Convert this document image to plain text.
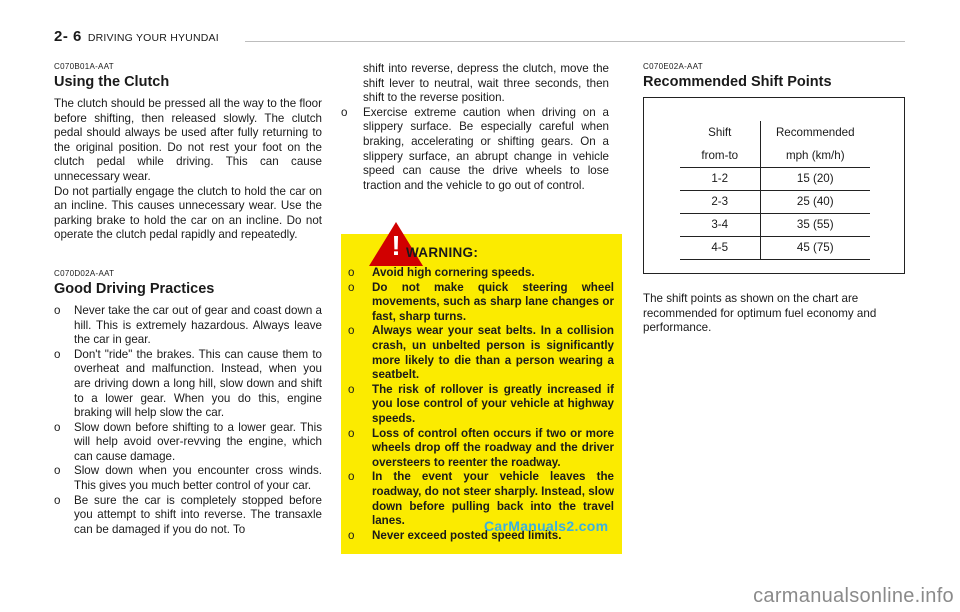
2- 6 DRIVING YOUR HYUNDAI
C070B01A-AAT
Using the Clutch

The clutch should be pressed all the way to the floor before shifting, then released slowly. The clutch pedal should always be used after fully returning to the original position. Do not rest your foot on the clutch pedal while driving. This can cause unnecessary wear.

Do not partially engage the clutch to hold the car on an incline. This causes unnecessary wear. Use the parking brake to hold the car on an incline. Do not operate the clutch pedal rapidly and repeatedly.

C070D02A-AAT
Good Driving Practices
o Never take the car out of gear and coast down a hill. This is extremely hazardous. Always leave the car in gear.
o Don't "ride" the brakes. This can cause them to overheat and malfunction. Instead, when you are driving down a long hill, slow down and shift to a lower gear. When you do this, engine braking will help slow the car.
o Slow down before shifting to a lower gear. This will help avoid over-revving the engine, which can cause damage.
o Slow down when you encounter cross winds. This gives you much better control of your car.
o Be sure the car is completely stopped before you attempt to shift into reverse. The transaxle can be damaged if you do not. To

shift into reverse, depress the clutch, move the shift lever to neutral, wait three seconds, then shift to the reverse position.

o Exercise extreme caution when driving on a slippery surface. Be especially careful when braking, accelerating or shifting gears. On a slippery surface, an abrupt change in vehicle speed can cause the drive wheels to lose traction and the vehicle to go out of control.
! WARNING:
o Avoid high cornering speeds.
o Do not make quick steering wheel movements, such as sharp lane changes or fast, sharp turns.
o Always wear your seat belts. In a collision crash, un unbelted person is significantly more likely to die than a person wearing a seatbelt.
o The risk of rollover is greatly increased if you lose control of your vehicle at highway speeds.
o Loss of control often occurs if two or more wheels drop off the roadway and the driver oversteers to reenter the roadway.
o In the event your vehicle leaves the roadway, do not steer sharply. Instead, slow down before pulling back into the travel lanes.
o Never exceed posted speed limits.
CarManuals2.com
C070E02A-AAT
Recommended Shift Points
Shift	Recommended
from-to	mph (km/h)
1-2	15 (20)
2-3	25 (40)
3-4	35 (55)
4-5	45 (75)

The shift points as shown on the chart are recommended for optimum fuel economy and performance.

carmanualsonline.info
